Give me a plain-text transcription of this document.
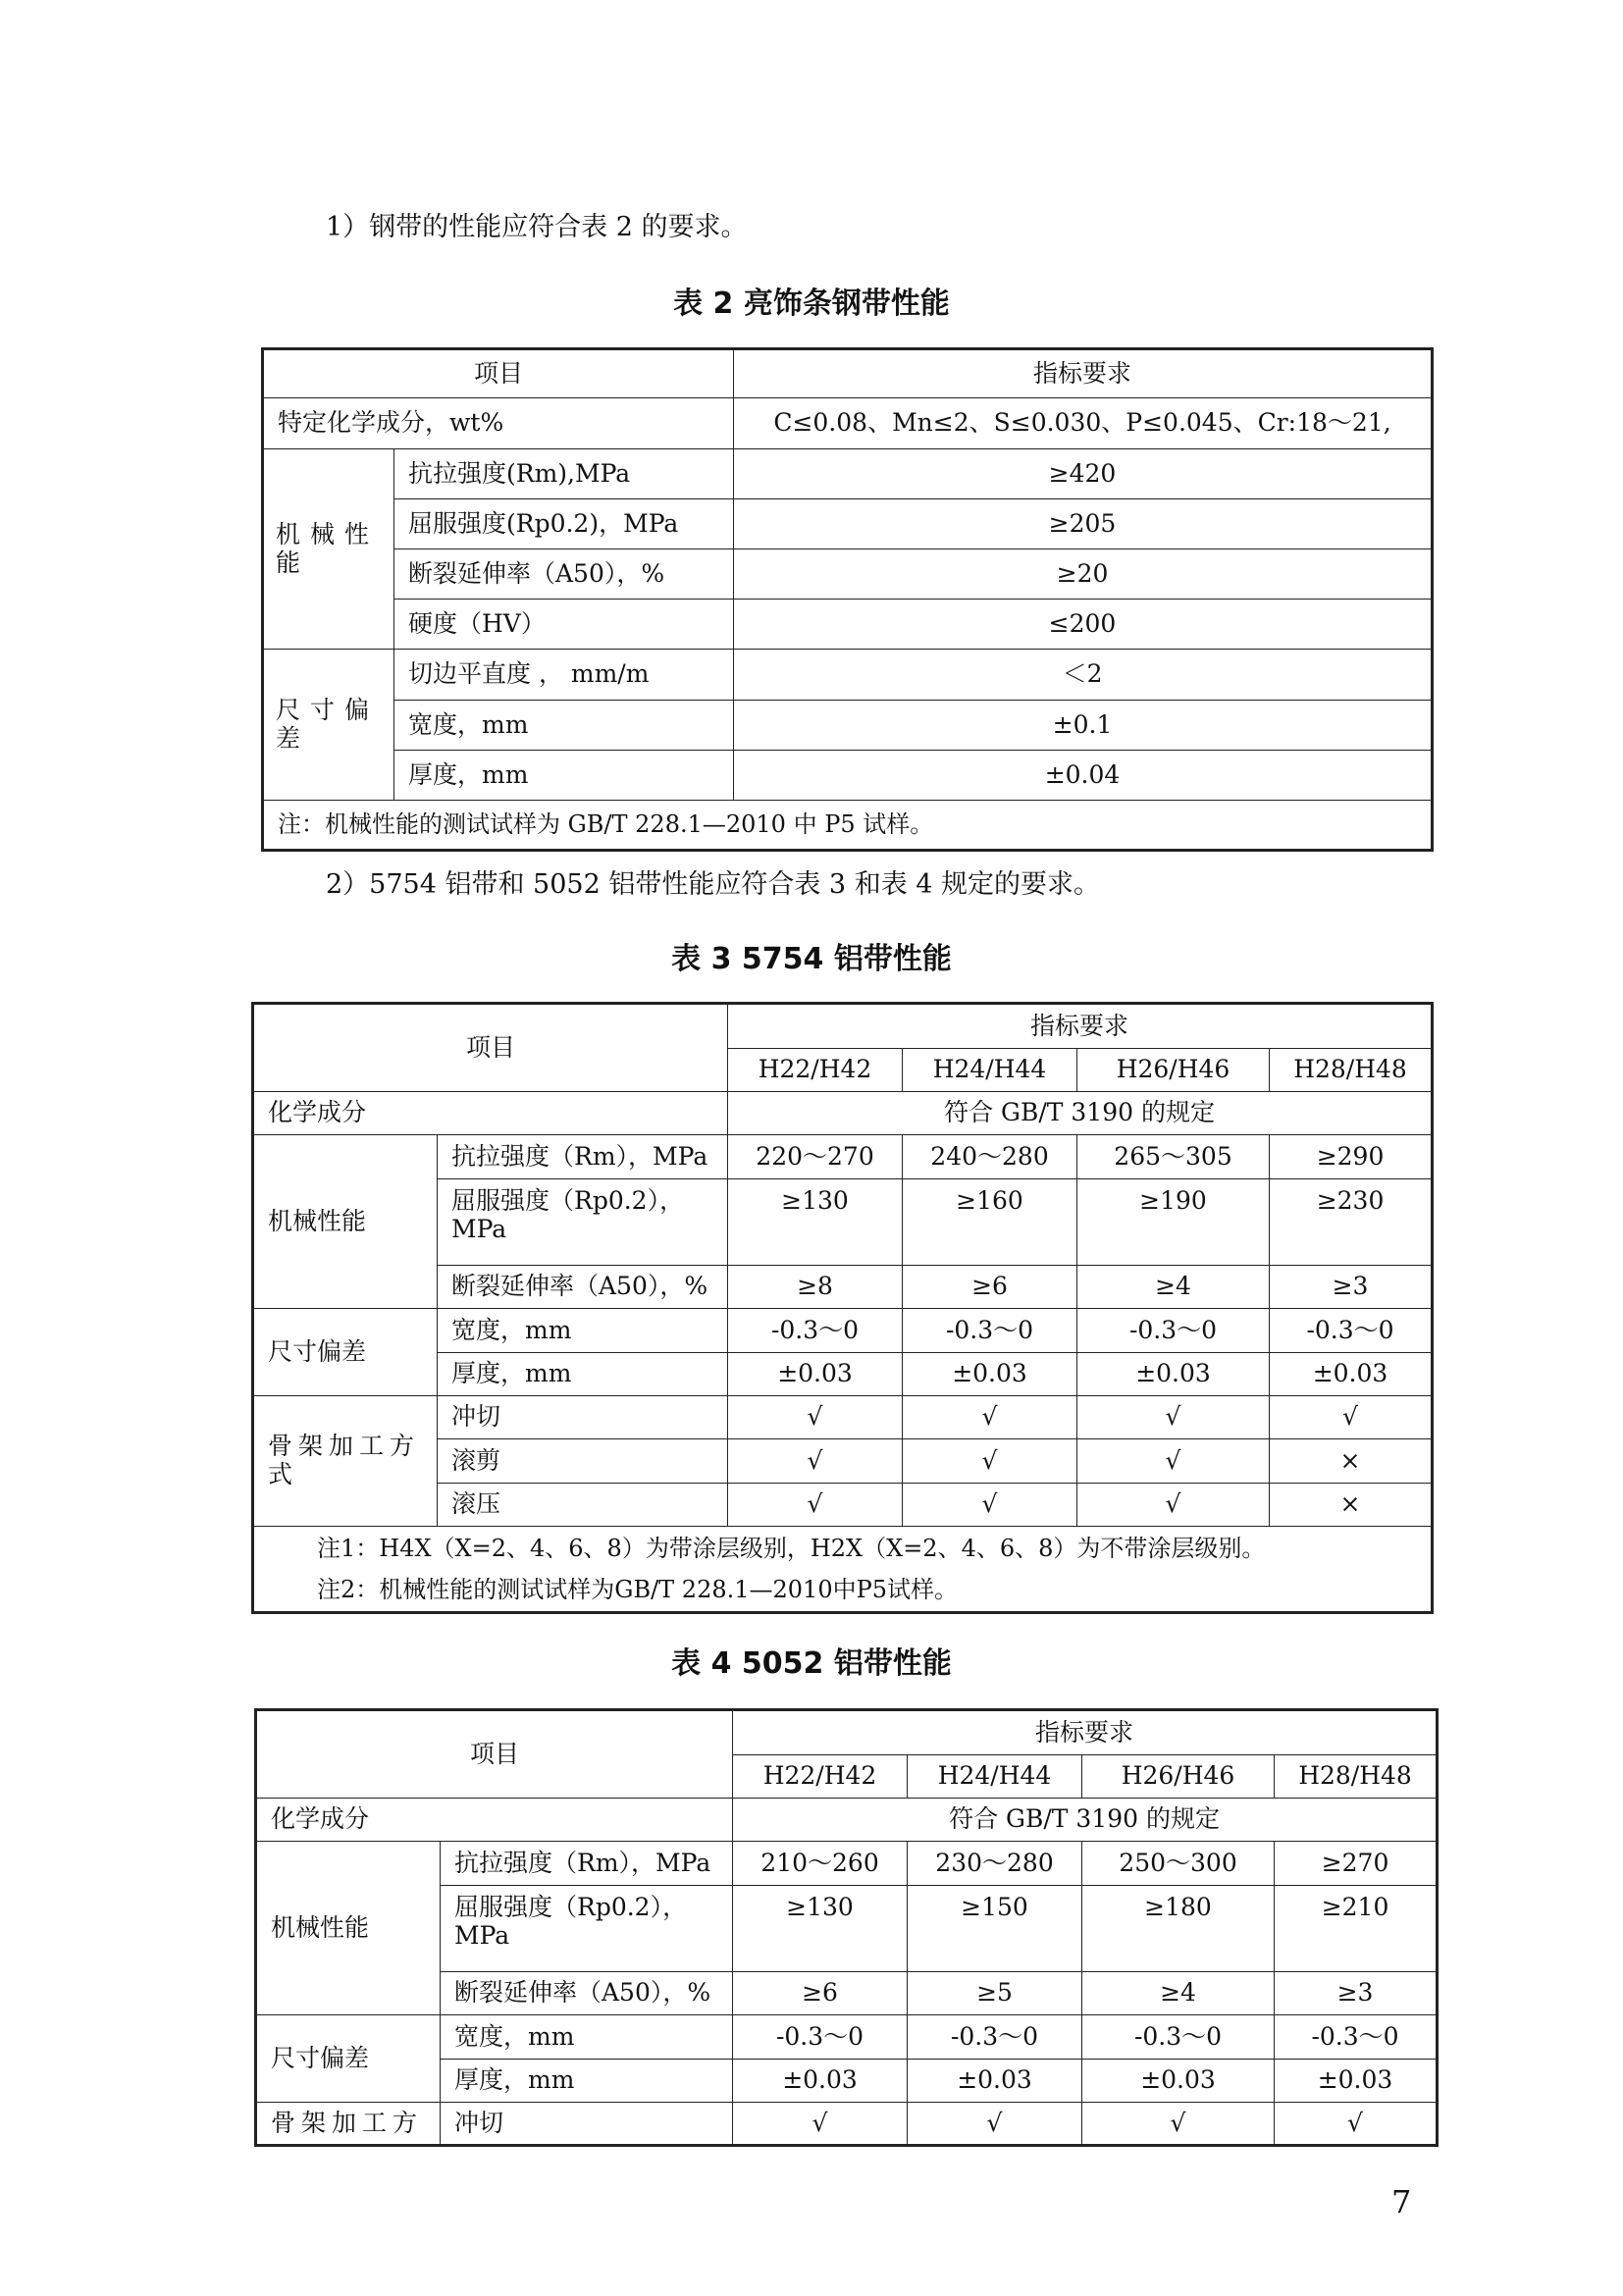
1）钢带的性能应符合表 2 的要求。
表 2 亮饰条钢带性能
项目		指标要求
特定化学成分，wt%		C≤0.08、Mn≤2、S≤0.030、P≤0.045、Cr:18～21,
机械性能	抗拉强度(Rm),MPa	≥420
	屈服强度(Rp0.2)，MPa	≥205
	断裂延伸率（A50），%	≥20
	硬度（HV）	≤200
尺寸偏差	切边平直度 ， mm/m	＜2
	宽度，mm	±0.1
	厚度，mm	±0.04
注：机械性能的测试试样为 GB/T 228.1—2010 中 P5 试样。		
2）5754 铝带和 5052 铝带性能应符合表 3 和表 4 规定的要求。
表 3 5754 铝带性能
项目		指标要求			
		H22/H42	H24/H44	H26/H46	H28/H48
化学成分		符合 GB/T 3190 的规定			
机械性能	抗拉强度（Rm），MPa	220～270	240～280	265～305	≥290
	屈服强度（Rp0.2），MPa	≥130	≥160	≥190	≥230
	断裂延伸率（A50），%	≥8	≥6	≥4	≥3
尺寸偏差	宽度，mm	-0.3～0	-0.3～0	-0.3～0	-0.3～0
	厚度，mm	±0.03	±0.03	±0.03	±0.03
骨架加工方式	冲切	√	√	√	√
	滚剪	√	√	√	×
	滚压	√	√	√	×

注1：H4X（X=2、4、6、8）为带涂层级别，H2X（X=2、4、6、8）为不带涂层级别。
注2：机械性能的测试试样为GB/T 228.1—2010中P5试样。					
表 4 5052 铝带性能
项目		指标要求			
		H22/H42	H24/H44	H26/H46	H28/H48
化学成分		符合 GB/T 3190 的规定			
机械性能	抗拉强度（Rm），MPa	210～260	230～280	250～300	≥270
	屈服强度（Rp0.2），MPa	≥130	≥150	≥180	≥210
	断裂延伸率（A50），%	≥6	≥5	≥4	≥3
尺寸偏差	宽度，mm	-0.3～0	-0.3～0	-0.3～0	-0.3～0
	厚度，mm	±0.03	±0.03	±0.03	±0.03
骨架加工方	冲切	√	√	√	√
7
